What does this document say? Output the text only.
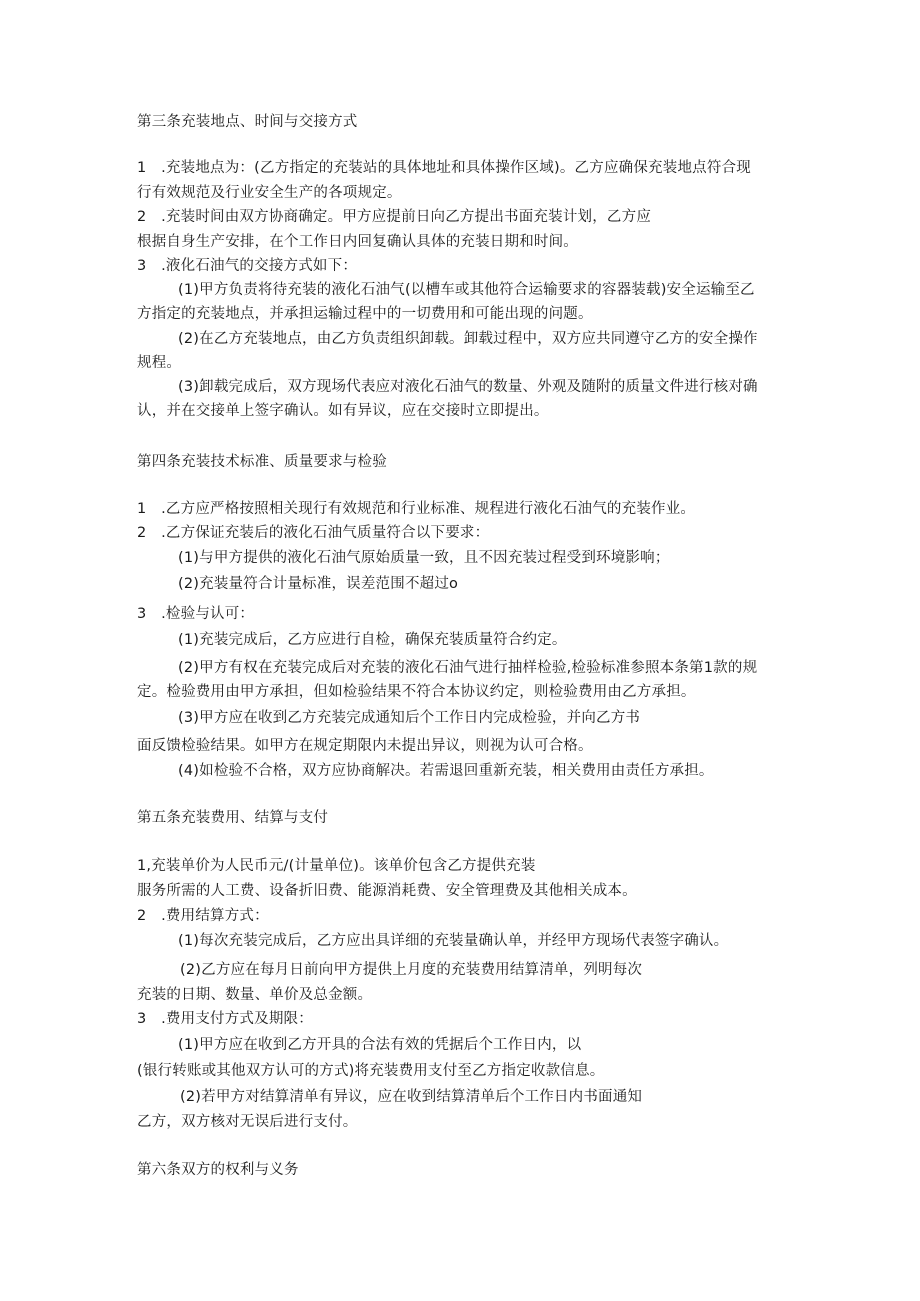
第三条充装地点、时间与交接方式
1　.充装地点为：(乙方指定的充装站的具体地址和具体操作区域)。乙方应确保充装地点符合现
行有效规范及行业安全生产的各项规定。
2　.充装时间由双方协商确定。甲方应提前日向乙方提出书面充装计划，乙方应
根据自身生产安排，在个工作日内回复确认具体的充装日期和时间。
3　.液化石油气的交接方式如下：
(1)甲方负责将待充装的液化石油气(以槽车或其他符合运输要求的容器装载)安全运输至乙
方指定的充装地点，并承担运输过程中的一切费用和可能出现的问题。
(2)在乙方充装地点，由乙方负责组织卸载。卸载过程中，双方应共同遵守乙方的安全操作
规程。
(3)卸载完成后，双方现场代表应对液化石油气的数量、外观及随附的质量文件进行核对确
认，并在交接单上签字确认。如有异议，应在交接时立即提出。
第四条充装技术标准、质量要求与检验
1　.乙方应严格按照相关现行有效规范和行业标准、规程进行液化石油气的充装作业。
2　.乙方保证充装后的液化石油气质量符合以下要求：
(1)与甲方提供的液化石油气原始质量一致，且不因充装过程受到环境影响；
(2)充装量符合计量标准，误差范围不超过o
3　.检验与认可：
(1)充装完成后，乙方应进行自检，确保充装质量符合约定。
(2)甲方有权在充装完成后对充装的液化石油气进行抽样检验,检验标准参照本条第1款的规
定。检验费用由甲方承担，但如检验结果不符合本协议约定，则检验费用由乙方承担。
(3)甲方应在收到乙方充装完成通知后个工作日内完成检验，并向乙方书
面反馈检验结果。如甲方在规定期限内未提出异议，则视为认可合格。
(4)如检验不合格，双方应协商解决。若需退回重新充装，相关费用由责任方承担。
第五条充装费用、结算与支付
1,充装单价为人民币元/(计量单位)。该单价包含乙方提供充装
服务所需的人工费、设备折旧费、能源消耗费、安全管理费及其他相关成本。
2　.费用结算方式：
(1)每次充装完成后，乙方应出具详细的充装量确认单，并经甲方现场代表签字确认。
(2)乙方应在每月日前向甲方提供上月度的充装费用结算清单，列明每次
充装的日期、数量、单价及总金额。
3　.费用支付方式及期限：
(1)甲方应在收到乙方开具的合法有效的凭据后个工作日内，以
(银行转账或其他双方认可的方式)将充装费用支付至乙方指定收款信息。
(2)若甲方对结算清单有异议，应在收到结算清单后个工作日内书面通知
乙方，双方核对无误后进行支付。
第六条双方的权利与义务
